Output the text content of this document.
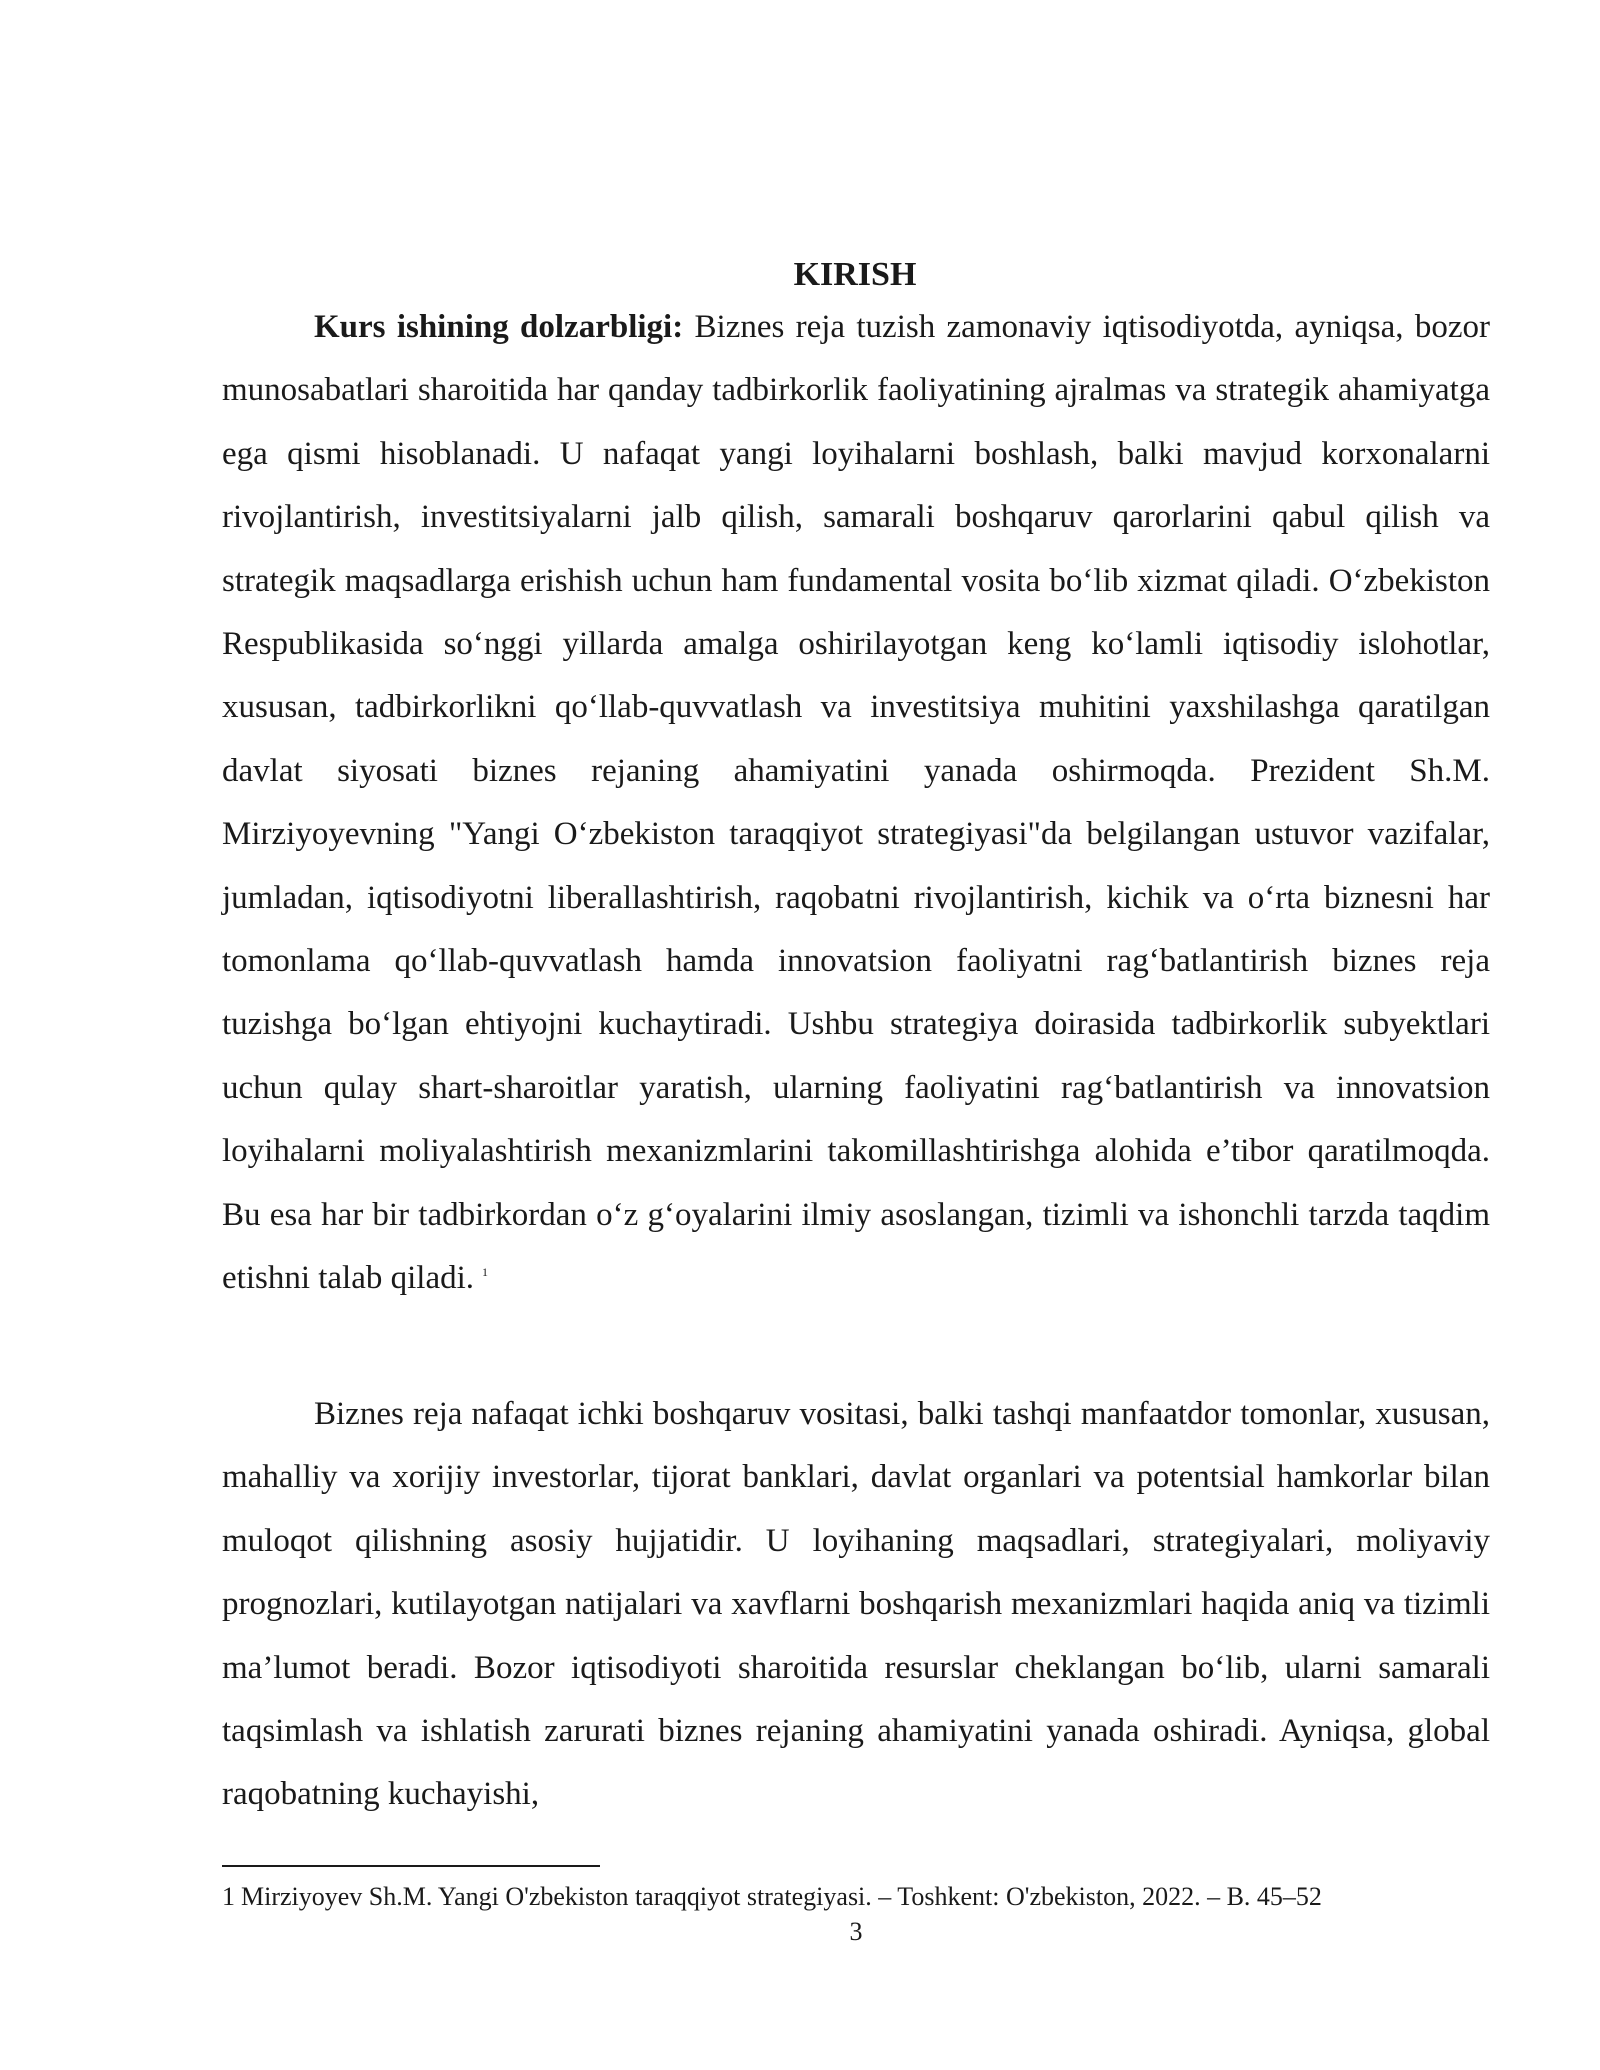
KIRISH

Kurs ishining dolzarbligi: Biznes reja tuzish zamonaviy iqtisodiyotda, ayniqsa, bozor munosabatlari sharoitida har qanday tadbirkorlik faoliyatining ajralmas va strategik ahamiyatga ega qismi hisoblanadi. U nafaqat yangi loyihalarni boshlash, balki mavjud korxonalarni rivojlantirish, investitsiyalarni jalb qilish, samarali boshqaruv qarorlarini qabul qilish va strategik maqsadlarga erishish uchun ham fundamental vosita bo‘lib xizmat qiladi. O‘zbekiston Respublikasida so‘nggi yillarda amalga oshirilayotgan keng ko‘lamli iqtisodiy islohotlar, xususan, tadbirkorlikni qo‘llab-quvvatlash va investitsiya muhitini yaxshilashga qaratilgan davlat siyosati biznes rejaning ahamiyatini yanada oshirmoqda. Prezident Sh.M. Mirziyoyevning "Yangi O‘zbekiston taraqqiyot strategiyasi"da belgilangan ustuvor vazifalar, jumladan, iqtisodiyotni liberallashtirish, raqobatni rivojlantirish, kichik va o‘rta biznesni har tomonlama qo‘llab-quvvatlash hamda innovatsion faoliyatni rag‘batlantirish biznes reja tuzishga bo‘lgan ehtiyojni kuchaytiradi. Ushbu strategiya doirasida tadbirkorlik subyektlari uchun qulay shart-sharoitlar yaratish, ularning faoliyatini rag‘batlantirish va innovatsion loyihalarni moliyalashtirish mexanizmlarini takomillashtirishga alohida e’tibor qaratilmoqda. Bu esa har bir tadbirkordan o‘z g‘oyalarini ilmiy asoslangan, tizimli va ishonchli tarzda taqdim etishni talab qiladi. $^1$

Biznes reja nafaqat ichki boshqaruv vositasi, balki tashqi manfaatdor tomonlar, xususan, mahalliy va xorijiy investorlar, tijorat banklari, davlat organlari va potentsial hamkorlar bilan muloqot qilishning asosiy hujjatidir. U loyihaning maqsadlari, strategiyalari, moliyaviy prognozlari, kutilayotgan natijalari va xavflarni boshqarish mexanizmlari haqida aniq va tizimli ma’lumot beradi. Bozor iqtisodiyoti sharoitida resurslar cheklangan bo‘lib, ularni samarali taqsimlash va ishlatish zarurati biznes rejaning ahamiyatini yanada oshiradi. Ayniqsa, global raqobatning kuchayishi,

1 Mirziyoyev Sh.M. Yangi O'zbekiston taraqqiyot strategiyasi. – Toshkent: O'zbekiston, 2022. – B. 45–52
3
